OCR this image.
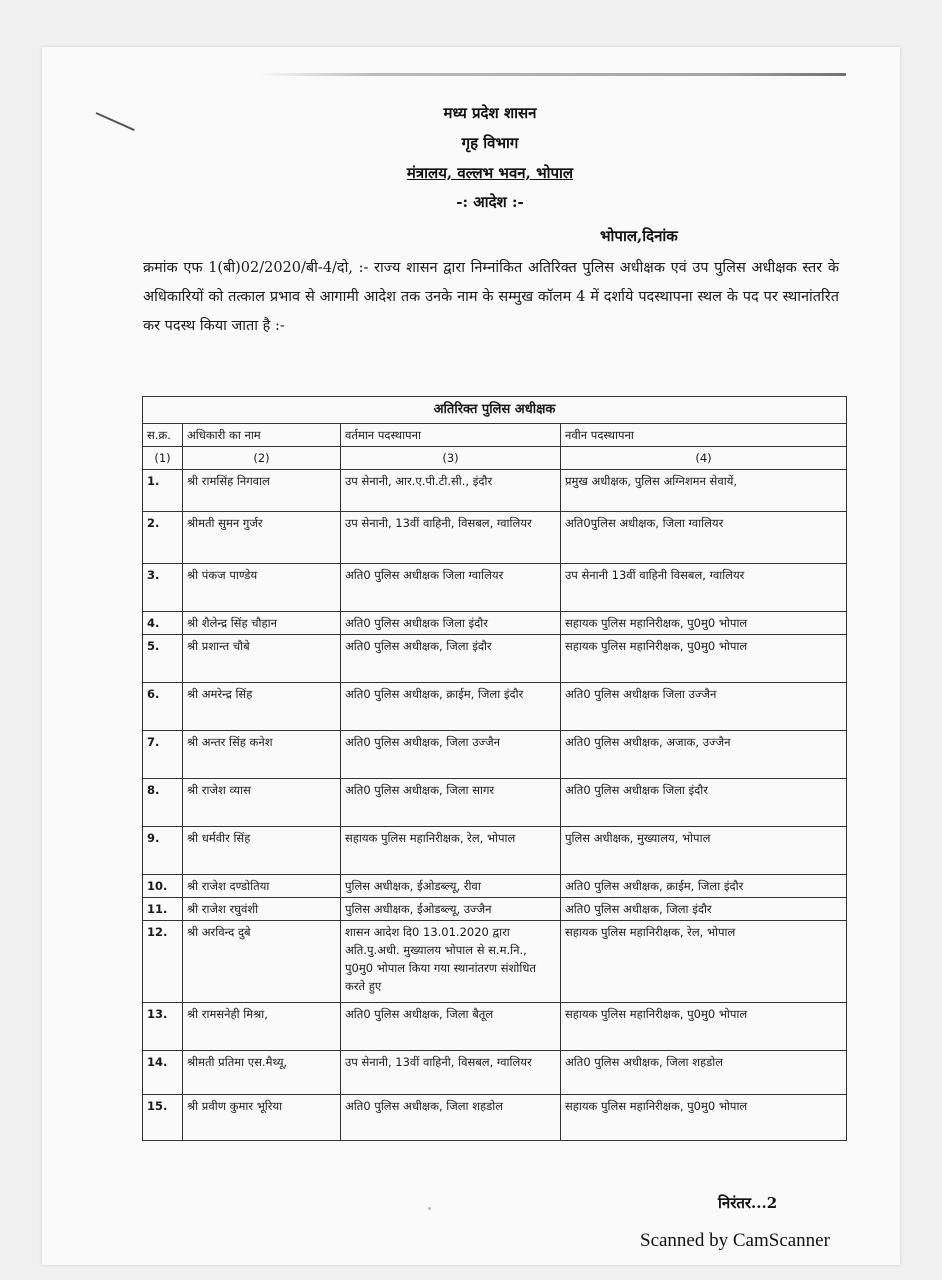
मध्य प्रदेश शासन
गृह विभाग
मंत्रालय, वल्लभ भवन, भोपाल
-: आदेश :-
भोपाल,दिनांक
क्रमांक एफ 1(बी)02/2020/बी-4/दो, :- राज्य शासन द्वारा निम्नांकित अतिरिक्त पुलिस अधीक्षक एवं उप पुलिस अधीक्षक स्तर के अधिकारियों को तत्काल प्रभाव से आगामी आदेश तक उनके नाम के सम्मुख कॉलम 4 में दर्शाये पदस्थापना स्थल के पद पर स्थानांतरित कर पदस्थ किया जाता है :-
अतिरिक्त पुलिस अधीक्षक			
स.क्र.	अधिकारी का नाम	वर्तमान पदस्थापना	नवीन पदस्थापना
(1)	(2)	(3)	(4)
1.	श्री रामसिंह निगवाल	उप सेनानी, आर.ए.पी.टी.सी., इंदौर	प्रमुख अधीक्षक, पुलिस अग्निशमन सेवायें,
2.	श्रीमती सुमन गुर्जर	उप सेनानी, 13वीं वाहिनी, विसबल, ग्वालियर	अति0पुलिस अधीक्षक, जिला ग्वालियर
3.	श्री पंकज पाण्डेय	अति0 पुलिस अधीक्षक जिला ग्वालियर	उप सेनानी 13वीं वाहिनी विसबल, ग्वालियर
4.	श्री शैलेन्द्र सिंह चौहान	अति0 पुलिस अधीक्षक जिला इंदौर	सहायक पुलिस महानिरीक्षक, पु0मु0 भोपाल
5.	श्री प्रशान्त चौबे	अति0 पुलिस अधीक्षक, जिला इंदौर	सहायक पुलिस महानिरीक्षक, पु0मु0 भोपाल
6.	श्री अमरेन्द्र सिंह	अति0 पुलिस अधीक्षक, क्राईम, जिला इंदौर	अति0 पुलिस अधीक्षक जिला उज्जैन
7.	श्री अन्तर सिंह कनेश	अति0 पुलिस अधीक्षक, जिला उज्जैन	अति0 पुलिस अधीक्षक, अजाक, उज्जैन
8.	श्री राजेश व्यास	अति0 पुलिस अधीक्षक, जिला सागर	अति0 पुलिस अधीक्षक जिला इंदौर
9.	श्री धर्मवीर सिंह	सहायक पुलिस महानिरीक्षक, रेल, भोपाल	पुलिस अधीक्षक, मुख्यालय, भोपाल
10.	श्री राजेश दण्डोतिया	पुलिस अधीक्षक, ईओडब्ल्यू, रीवा	अति0 पुलिस अधीक्षक, क्राईम, जिला इंदौर
11.	श्री राजेश रघुवंशी	पुलिस अधीक्षक, ईओडब्ल्यू, उज्जैन	अति0 पुलिस अधीक्षक, जिला इंदौर
12.	श्री अरविन्द दुबे	शासन आदेश दि0 13.01.2020 द्वारा अति.पु.अधी. मुख्यालय भोपाल से स.म.नि., पु0मु0 भोपाल किया गया स्थानांतरण संशोधित करते हुए	सहायक पुलिस महानिरीक्षक, रेल, भोपाल
13.	श्री रामसनेही मिश्रा,	अति0 पुलिस अधीक्षक, जिला बैतूल	सहायक पुलिस महानिरीक्षक, पु0मु0 भोपाल
14.	श्रीमती प्रतिमा एस.मैथ्यू,	उप सेनानी, 13वीं वाहिनी, विसबल, ग्वालियर	अति0 पुलिस अधीक्षक, जिला शहडोल
15.	श्री प्रवीण कुमार भूरिया	अति0 पुलिस अधीक्षक, जिला शहडोल	सहायक पुलिस महानिरीक्षक, पु0मु0 भोपाल
निरंतर...2
Scanned by CamScanner
